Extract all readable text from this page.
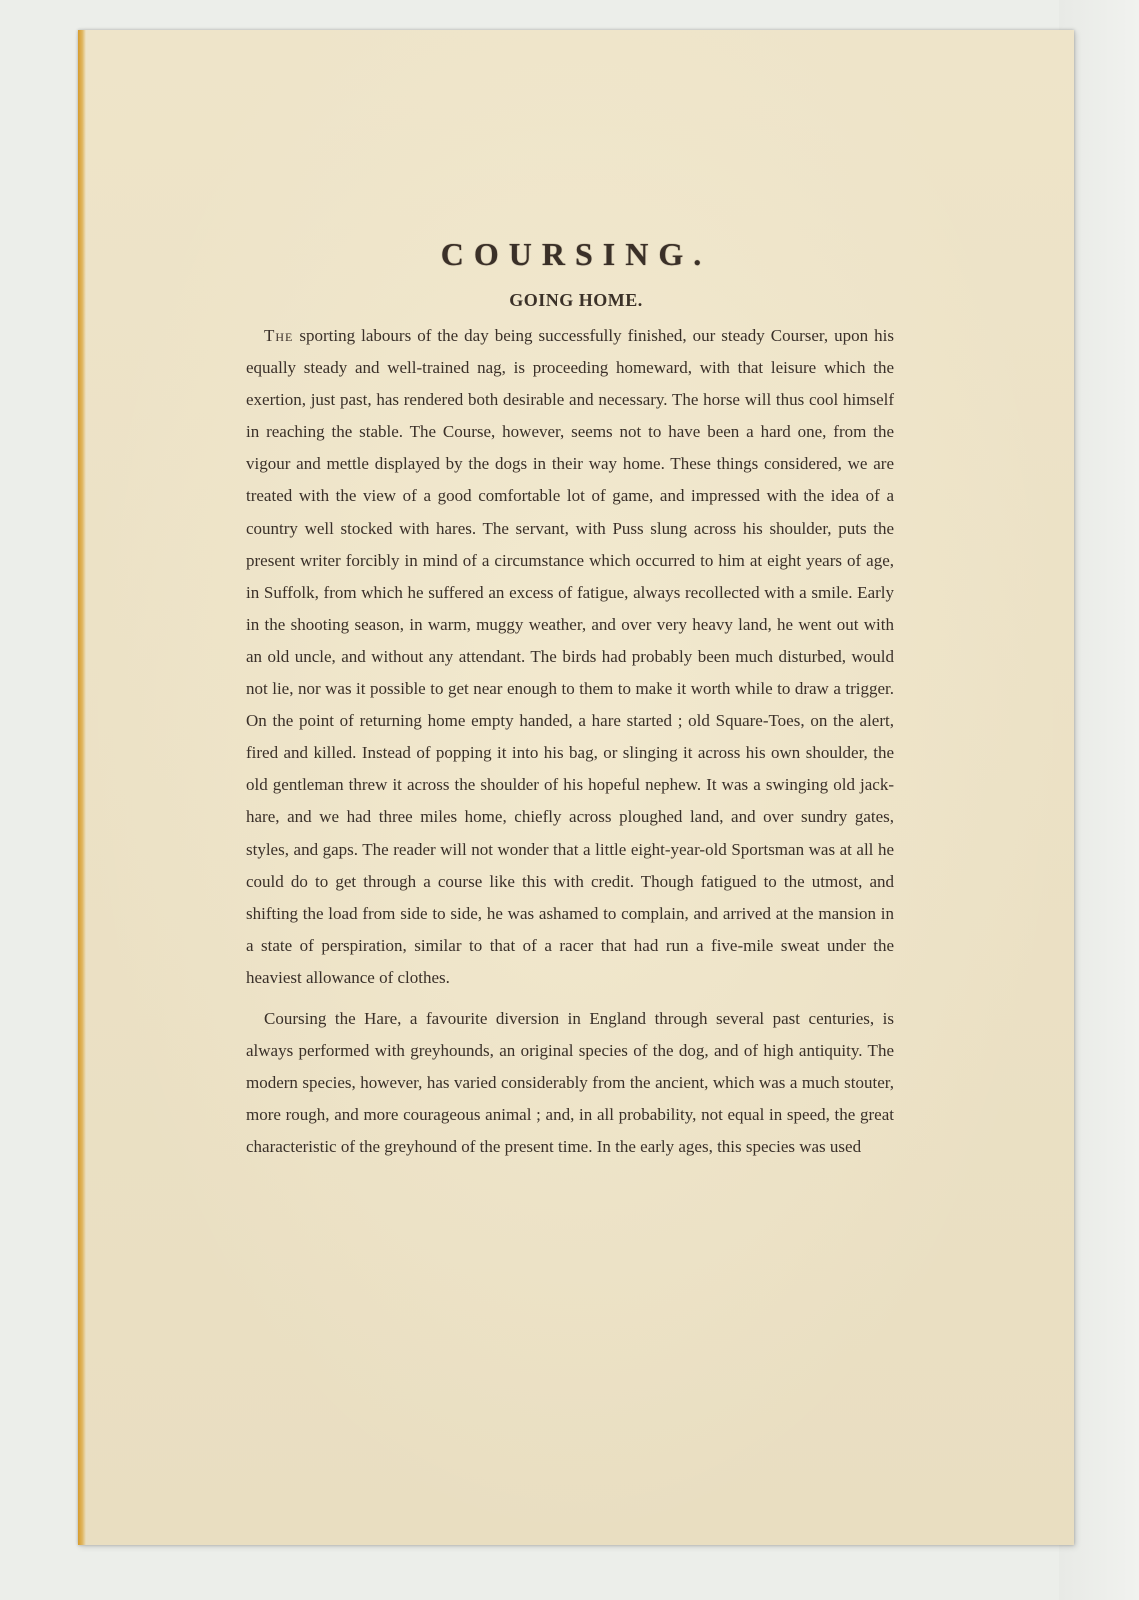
COURSING.
GOING HOME.

The sporting labours of the day being successfully finished, our steady Courser, upon his equally steady and well-trained nag, is proceeding homeward, with that leisure which the exertion, just past, has rendered both desirable and necessary. The horse will thus cool himself in reaching the stable. The Course, however, seems not to have been a hard one, from the vigour and mettle displayed by the dogs in their way home. These things considered, we are treated with the view of a good comfortable lot of game, and impressed with the idea of a country well stocked with hares. The servant, with Puss slung across his shoulder, puts the present writer forcibly in mind of a circumstance which occurred to him at eight years of age, in Suffolk, from which he suffered an excess of fatigue, always recollected with a smile. Early in the shooting season, in warm, muggy weather, and over very heavy land, he went out with an old uncle, and without any attendant. The birds had probably been much disturbed, would not lie, nor was it possible to get near enough to them to make it worth while to draw a trigger. On the point of returning home empty handed, a hare started ; old Square-Toes, on the alert, fired and killed. Instead of popping it into his bag, or slinging it across his own shoulder, the old gentleman threw it across the shoulder of his hopeful nephew. It was a swinging old jack-hare, and we had three miles home, chiefly across ploughed land, and over sundry gates, styles, and gaps. The reader will not wonder that a little eight-year-old Sportsman was at all he could do to get through a course like this with credit. Though fatigued to the utmost, and shifting the load from side to side, he was ashamed to complain, and arrived at the mansion in a state of perspiration, similar to that of a racer that had run a five-mile sweat under the heaviest allowance of clothes.

Coursing the Hare, a favourite diversion in England through several past centuries, is always performed with greyhounds, an original species of the dog, and of high antiquity. The modern species, however, has varied considerably from the ancient, which was a much stouter, more rough, and more courageous animal ; and, in all probability, not equal in speed, the great characteristic of the greyhound of the present time. In the early ages, this species was used
